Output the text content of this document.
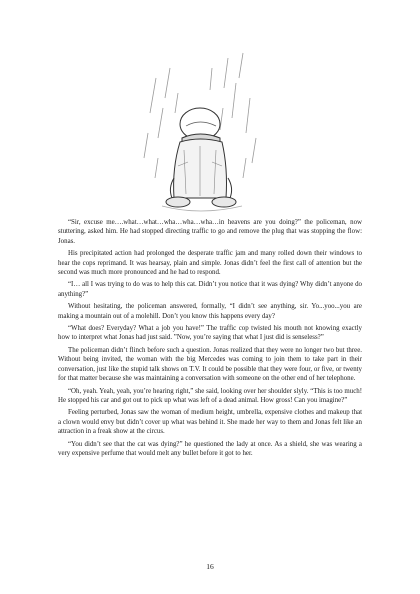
“Sir, excuse me….what…what…wha…wha…wha…in heavens are you doing?” the policeman, now stuttering, asked him. He had stopped directing traffic to go and remove the plug that was stopping the flow: Jonas.

His precipitated action had prolonged the desperate traffic jam and many rolled down their windows to hear the cops reprimand. It was hearsay, plain and simple. Jonas didn’t feel the first call of attention but the second was much more pronounced and he had to respond.

“I… all I was trying to do was to help this cat. Didn’t you notice that it was dying? Why didn’t anyone do anything?”

Without hesitating, the policeman answered, formally, “I didn’t see anything, sir. Yo...yoo...you are making a mountain out of a molehill. Don’t you know this happens every day?

“What does? Everyday? What a job you have!” The traffic cop twisted his mouth not knowing exactly how to interpret what Jonas had just said. ”Now, you’re saying that what I just did is senseless?”

The policeman didn’t flinch before such a question. Jonas realized that they were no longer two but three. Without being invited, the woman with the big Mercedes was coming to join them to take part in their conversation, just like the stupid talk shows on T.V. It could be possible that they were four, or five, or twenty for that matter because she was maintaining a conversation with someone on the other end of her telephone.

“Oh, yeah. Yeah, yeah, you’re hearing right,” she said, looking over her shoulder slyly. “This is too much! He stopped his car and got out to pick up what was left of a dead animal. How gross! Can you imagine?”

Feeling perturbed, Jonas saw the woman of medium height, umbrella, expensive clothes and makeup that a clown would envy but didn’t cover up what was behind it. She made her way to them and Jonas felt like an attraction in a freak show at the circus.

“You didn’t see that the cat was dying?” he questioned the lady at once. As a shield, she was wearing a very expensive perfume that would melt any bullet before it got to her.

16
